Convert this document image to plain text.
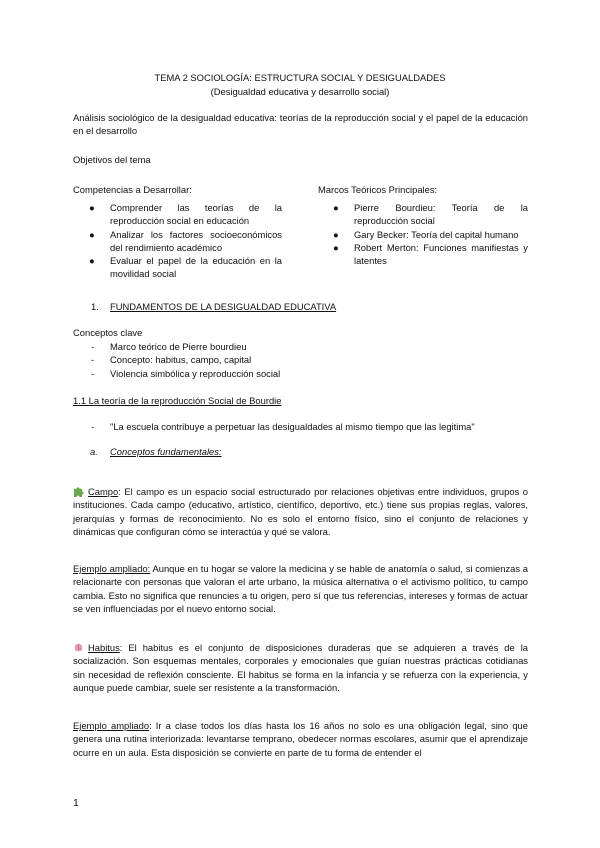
TEMA 2 SOCIOLOGÍA: ESTRUCTURA SOCIAL Y DESIGUALDADES
(Desigualdad educativa y desarrollo social)
Análisis sociológico de la desigualdad educativa: teorías de la reproducción social y el papel de la educación en el desarrollo
Objetivos del tema
Competencias a Desarrollar:
● Comprender las teorías de la reproducción social en educación
● Analizar los factores socioeconómicos del rendimiento académico
● Evaluar el papel de la educación en la movilidad social
Marcos Teóricos Principales:
● Pierre Bourdieu: Teoría de la reproducción social
● Gary Becker: Teoría del capital humano
● Robert Merton: Funciones manifiestas y latentes
1. FUNDAMENTOS DE LA DESIGUALDAD EDUCATIVA
Conceptos clave
- Marco teórico de Pierre bourdieu
- Concepto: habitus, campo, capital
- Violencia simbólica y reproducción social
1.1 La teoría de la reproducción Social de Bourdie
- "La escuela contribuye a perpetuar las desigualdades al mismo tiempo que las legitima"
a. Conceptos fundamentales:
Campo: El campo es un espacio social estructurado por relaciones objetivas entre individuos, grupos o instituciones. Cada campo (educativo, artístico, científico, deportivo, etc.) tiene sus propias reglas, valores, jerarquías y formas de reconocimiento. No es solo el entorno físico, sino el conjunto de relaciones y dinámicas que configuran cómo se interactúa y qué se valora.
Ejemplo ampliado: Aunque en tu hogar se valore la medicina y se hable de anatomía o salud, si comienzas a relacionarte con personas que valoran el arte urbano, la música alternativa o el activismo político, tu campo cambia. Esto no significa que renuncies a tu origen, pero sí que tus referencias, intereses y formas de actuar se ven influenciadas por el nuevo entorno social.
Habitus: El habitus es el conjunto de disposiciones duraderas que se adquieren a través de la socialización. Son esquemas mentales, corporales y emocionales que guían nuestras prácticas cotidianas sin necesidad de reflexión consciente. El habitus se forma en la infancia y se refuerza con la experiencia, y aunque puede cambiar, suele ser resistente a la transformación.
Ejemplo ampliado: Ir a clase todos los días hasta los 16 años no solo es una obligación legal, sino que genera una rutina interiorizada: levantarse temprano, obedecer normas escolares, asumir que el aprendizaje ocurre en un aula. Esta disposición se convierte en parte de tu forma de entender el
1
